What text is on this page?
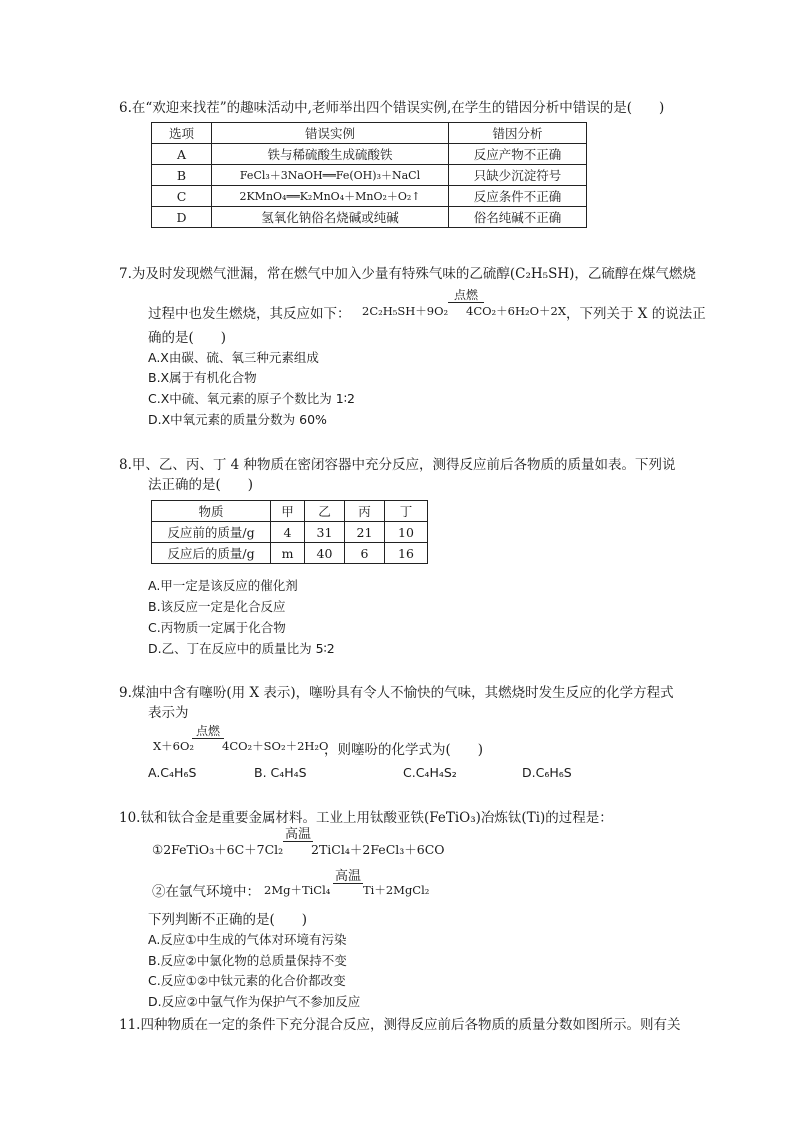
6.在“欢迎来找茬”的趣味活动中,老师举出四个错误实例,在学生的错因分析中错误的是(　　)
选项	错误实例	错因分析
A	铁与稀硫酸生成硫酸铁	反应产物不正确
B	FeCl₃＋3NaOH══Fe(OH)₃＋NaCl	只缺少沉淀符号
C	2KMnO₄══K₂MnO₄＋MnO₂＋O₂↑	反应条件不正确
D	氢氧化钠俗名烧碱或纯碱	俗名纯碱不正确
7.为及时发现燃气泄漏，常在燃气中加入少量有特殊气味的乙硫醇(C₂H₅SH)，乙硫醇在煤气燃烧
过程中也发生燃烧，其反应如下： 2C₂H₅SH＋9O₂
点燃
4CO₂＋6H₂O＋2X ，下列关于 X 的说法正
确的是(　　)
A.X由碳、硫、氧三种元素组成
B.X属于有机化合物
C.X中硫、氧元素的原子个数比为 1∶2
D.X中氧元素的质量分数为 60%
8.甲、乙、丙、丁 4 种物质在密闭容器中充分反应，测得反应前后各物质的质量如表。下列说
法正确的是(　　)
物质	甲	乙	丙	丁
反应前的质量/g	4	31	21	10
反应后的质量/g	m	40	6	16
A.甲一定是该反应的催化剂
B.该反应一定是化合反应
C.丙物质一定属于化合物
D.乙、丁在反应中的质量比为 5∶2
9.煤油中含有噻吩(用 X 表示)，噻吩具有令人不愉快的气味，其燃烧时发生反应的化学方程式
表示为
X＋6O₂
点燃
4CO₂＋SO₂＋2H₂O
，则噻吩的化学式为(　　)
A.C₄H₆S	B. C₄H₄S	C.C₄H₄S₂	D.C₆H₆S
10.钛和钛合金是重要金属材料。工业上用钛酸亚铁(FeTiO₃)冶炼钛(Ti)的过程是：
①2FeTiO₃＋6C＋7Cl₂
高温
2TiCl₄＋2FeCl₃＋6CO
②在氩气环境中： 2Mg＋TiCl₄
高温
Ti＋2MgCl₂
下列判断不正确的是(　　)
A.反应①中生成的气体对环境有污染
B.反应②中氯化物的总质量保持不变
C.反应①②中钛元素的化合价都改变
D.反应②中氩气作为保护气不参加反应
11.四种物质在一定的条件下充分混合反应，测得反应前后各物质的质量分数如图所示。则有关
